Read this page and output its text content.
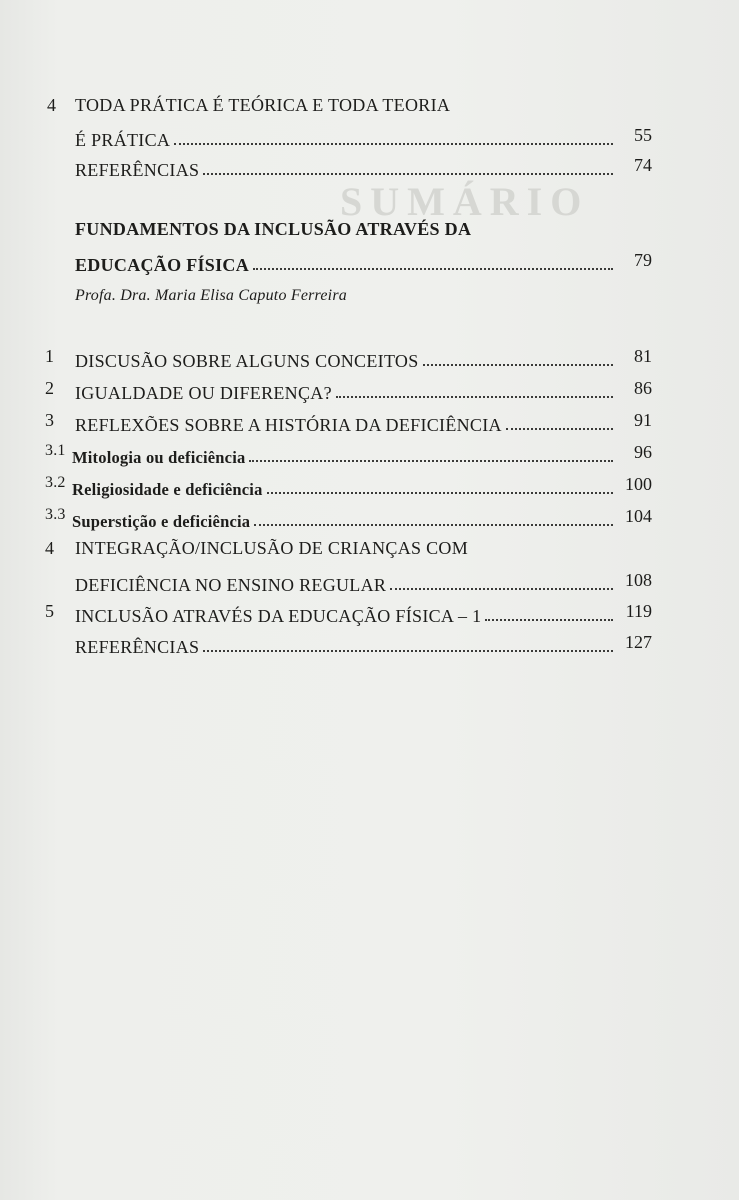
SUMÁRIO
4 TODA PRÁTICA É TEÓRICA E TODA TEORIA
É PRÁTICA	55
REFERÊNCIAS	74
FUNDAMENTOS DA INCLUSÃO ATRAVÉS DA
EDUCAÇÃO FÍSICA	79
Profa. Dra. Maria Elisa Caputo Ferreira
1 DISCUSÃO SOBRE ALGUNS CONCEITOS	81
2 IGUALDADE OU DIFERENÇA?	86
3 REFLEXÕES SOBRE A HISTÓRIA DA DEFICIÊNCIA	91
3.1 Mitologia ou deficiência	96
3.2 Religiosidade e deficiência	100
3.3 Superstição e deficiência	104
4 INTEGRAÇÃO/INCLUSÃO DE CRIANÇAS COM
DEFICIÊNCIA NO ENSINO REGULAR	108
5 INCLUSÃO ATRAVÉS DA EDUCAÇÃO FÍSICA – 1	119
REFERÊNCIAS	127
